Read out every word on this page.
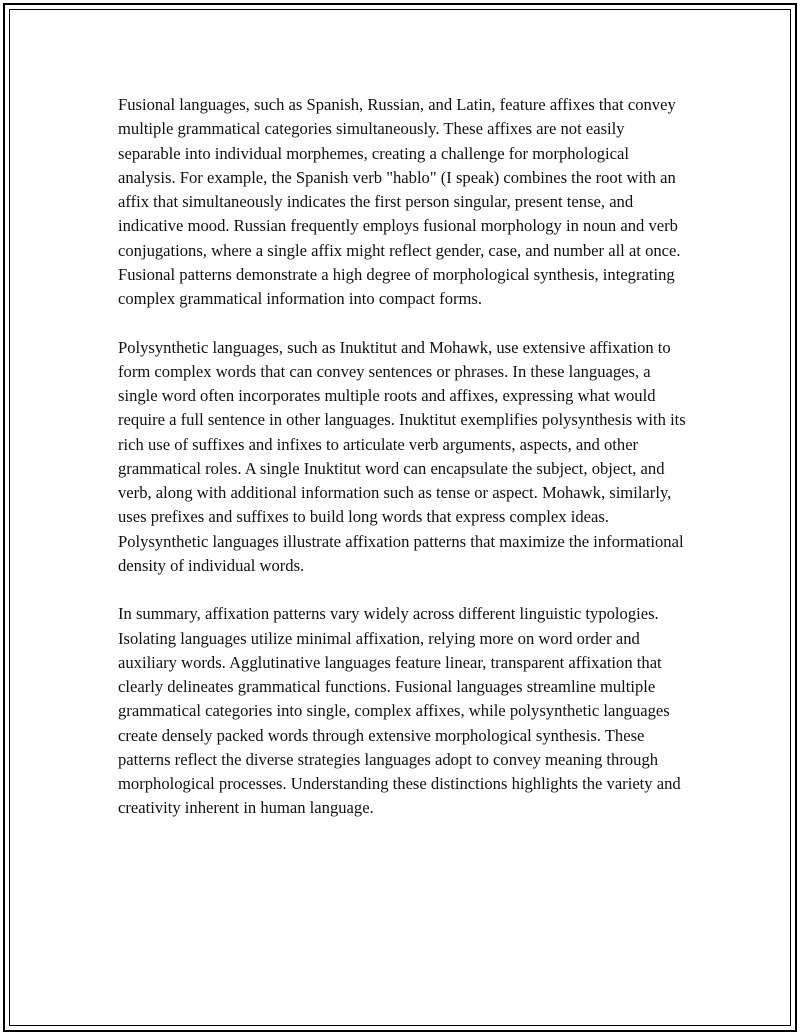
Fusional languages, such as Spanish, Russian, and Latin, feature affixes that convey multiple grammatical categories simultaneously. These affixes are not easily separable into individual morphemes, creating a challenge for morphological analysis. For example, the Spanish verb "hablo" (I speak) combines the root with an affix that simultaneously indicates the first person singular, present tense, and indicative mood. Russian frequently employs fusional morphology in noun and verb conjugations, where a single affix might reflect gender, case, and number all at once. Fusional patterns demonstrate a high degree of morphological synthesis, integrating complex grammatical information into compact forms.

Polysynthetic languages, such as Inuktitut and Mohawk, use extensive affixation to form complex words that can convey sentences or phrases. In these languages, a single word often incorporates multiple roots and affixes, expressing what would require a full sentence in other languages. Inuktitut exemplifies polysynthesis with its rich use of suffixes and infixes to articulate verb arguments, aspects, and other grammatical roles. A single Inuktitut word can encapsulate the subject, object, and verb, along with additional information such as tense or aspect. Mohawk, similarly, uses prefixes and suffixes to build long words that express complex ideas. Polysynthetic languages illustrate affixation patterns that maximize the informational density of individual words.

In summary, affixation patterns vary widely across different linguistic typologies. Isolating languages utilize minimal affixation, relying more on word order and auxiliary words. Agglutinative languages feature linear, transparent affixation that clearly delineates grammatical functions. Fusional languages streamline multiple grammatical categories into single, complex affixes, while polysynthetic languages create densely packed words through extensive morphological synthesis. These patterns reflect the diverse strategies languages adopt to convey meaning through morphological processes. Understanding these distinctions highlights the variety and creativity inherent in human language.
